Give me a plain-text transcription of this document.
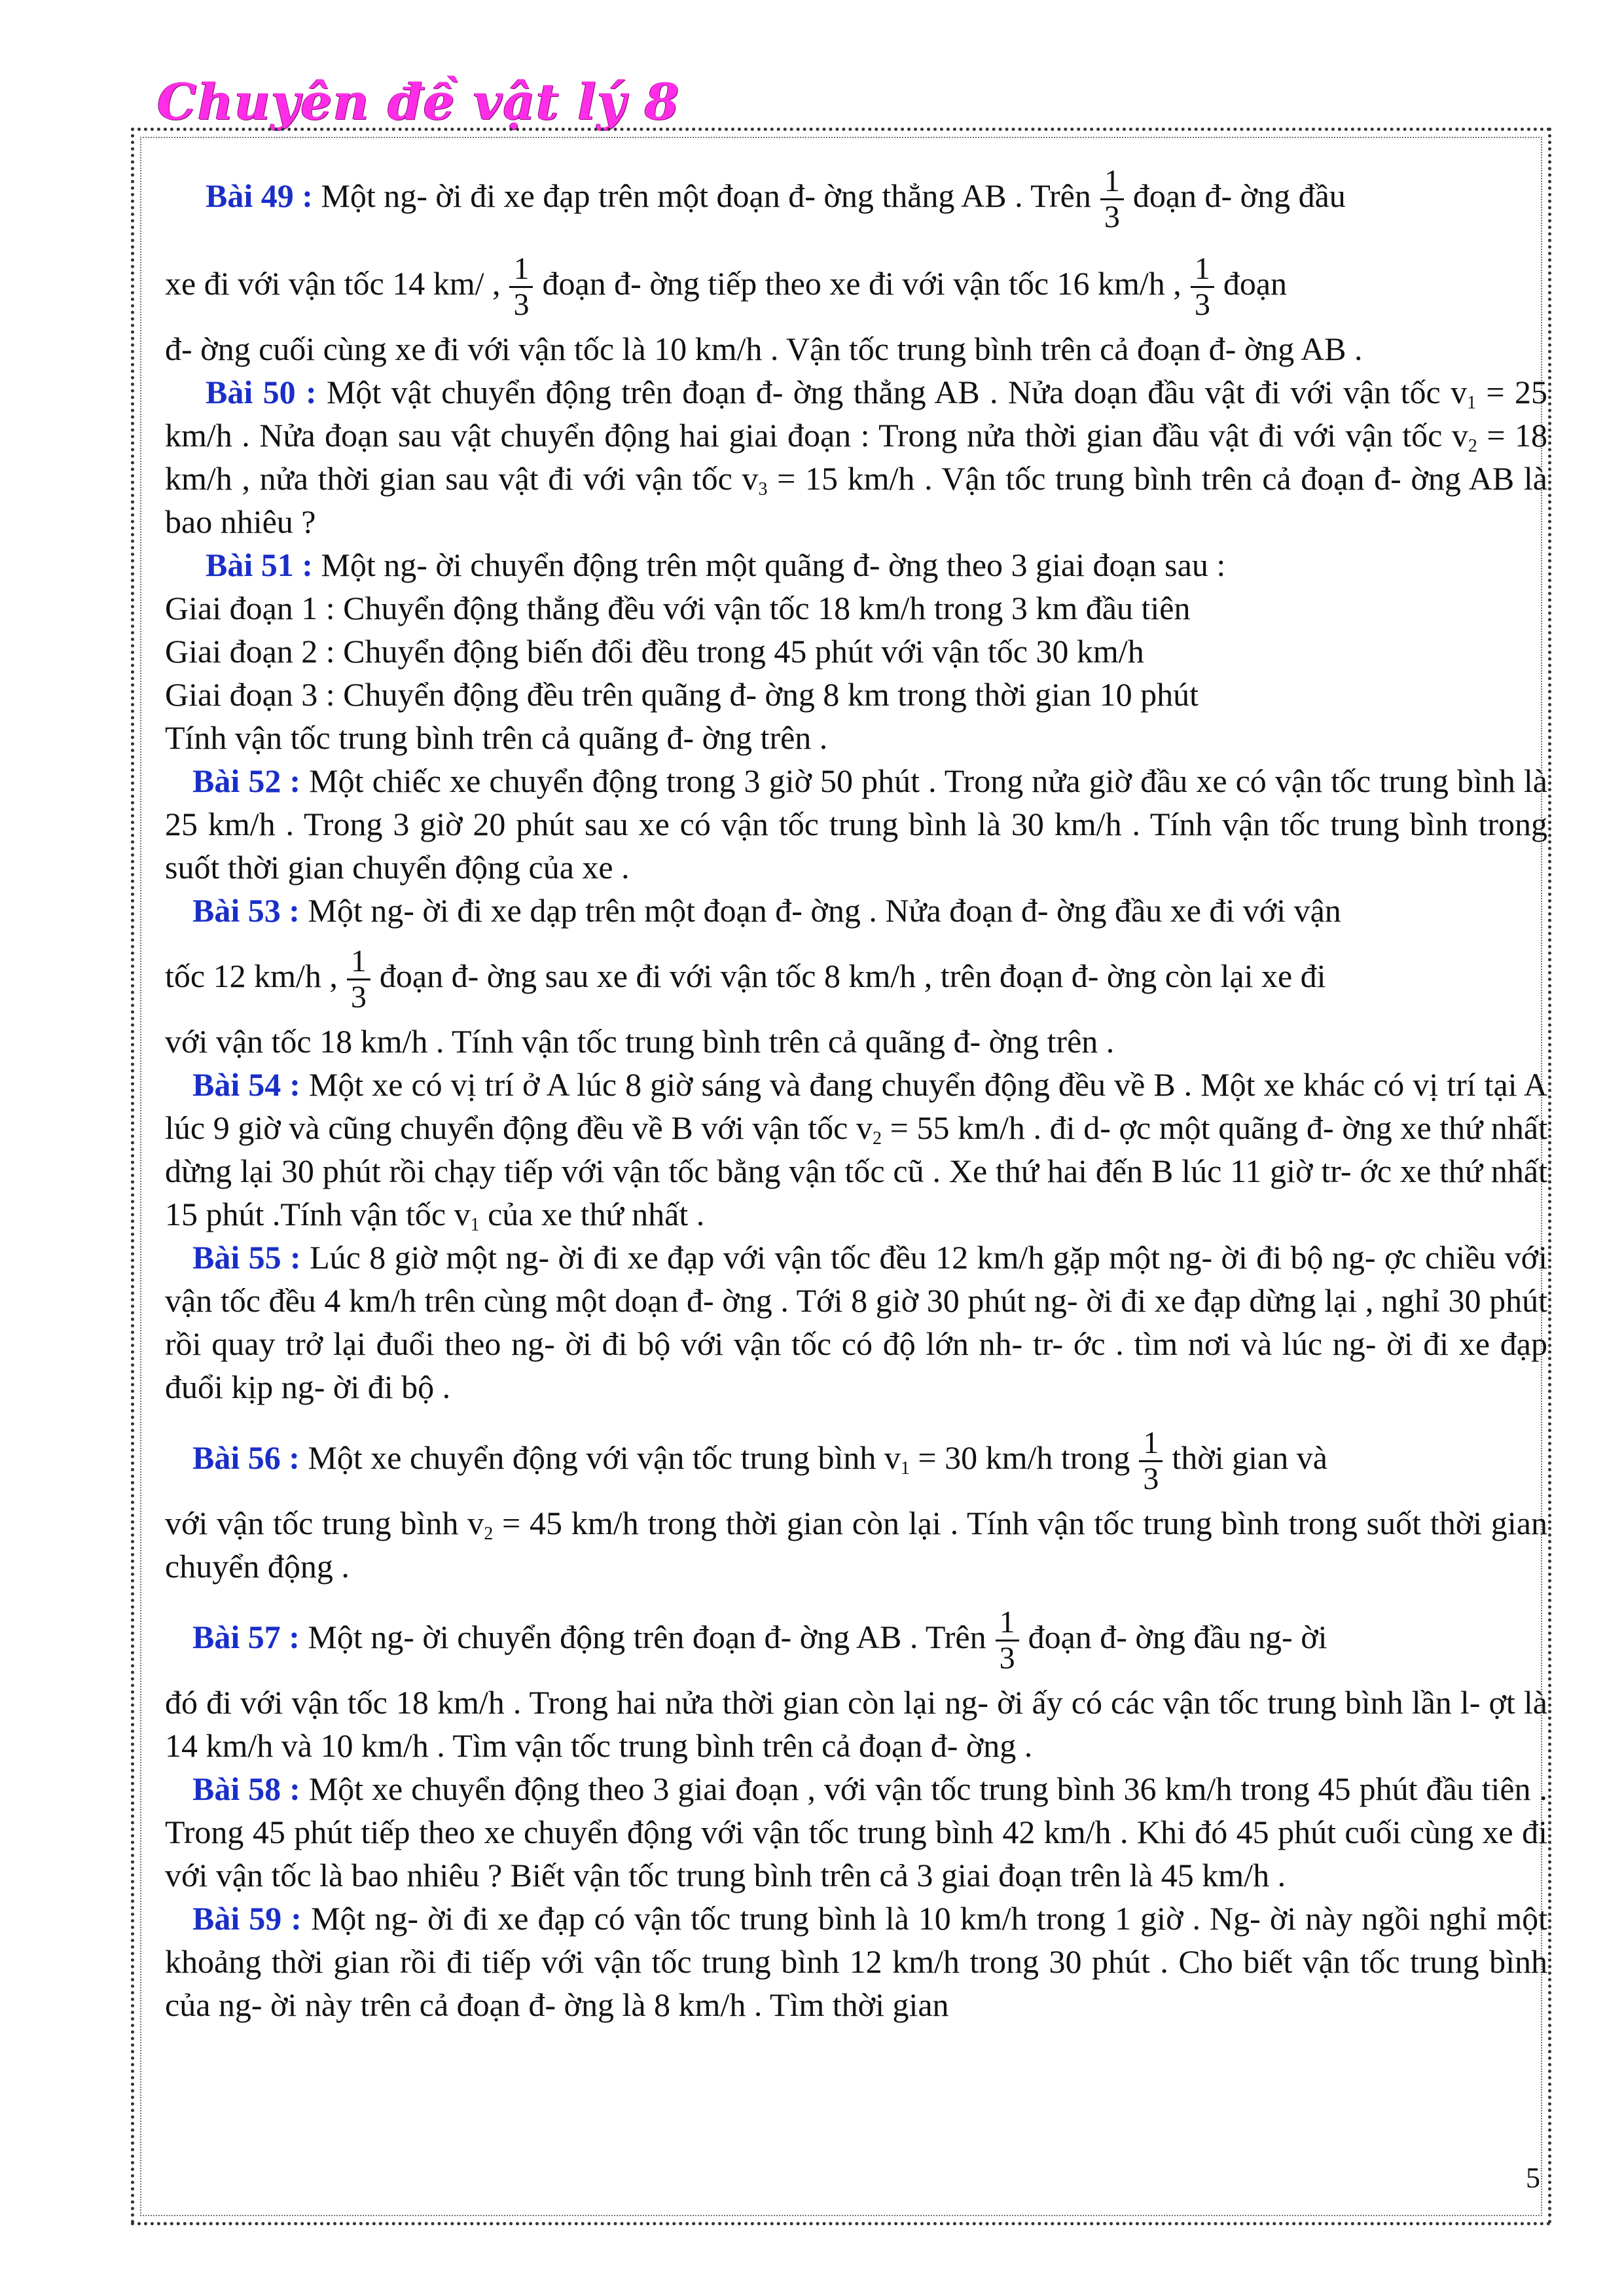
Chuyên đề vật lý 8

Bài 49 : Một ng- ời đi xe đạp trên một đoạn đ- ờng thẳng AB . Trên $\frac{1}{3}$ đoạn đ- ờng đầu

xe đi với vận tốc 14 km/ , $\frac{1}{3}$ đoạn đ- ờng tiếp theo xe đi với vận tốc 16 km/h , $\frac{1}{3}$ đoạn

đ- ờng cuối cùng xe đi với vận tốc là 10 km/h . Vận tốc trung bình trên cả đoạn đ- ờng AB .

Bài 50 : Một vật chuyển động trên đoạn đ- ờng thẳng AB . Nửa doạn đầu vật đi với vận tốc $v_1 = 25$ km/h . Nửa đoạn sau vật chuyển động hai giai đoạn : Trong nửa thời gian đầu vật đi với vận tốc $v_2 = 18$ km/h , nửa thời gian sau vật đi với vận tốc $v_3 = 15$ km/h . Vận tốc trung bình trên cả đoạn đ- ờng AB là bao nhiêu ?

Bài 51 : Một ng- ời chuyển động trên một quãng đ- ờng theo 3 giai đoạn sau :

Giai đoạn 1 : Chuyển động thẳng đều với vận tốc 18 km/h trong 3 km đầu tiên

Giai đoạn 2 : Chuyển động biến đổi đều trong 45 phút với vận tốc 30 km/h

Giai đoạn 3 : Chuyển động đều trên quãng đ- ờng 8 km trong thời gian 10 phút

Tính vận tốc trung bình trên cả quãng đ- ờng trên .

Bài 52 : Một chiếc xe chuyển động trong 3 giờ 50 phút . Trong nửa giờ đầu xe có vận tốc trung bình là 25 km/h . Trong 3 giờ 20 phút sau xe có vận tốc trung bình là 30 km/h . Tính vận tốc trung bình trong suốt thời gian chuyển động của xe .

Bài 53 : Một ng- ời đi xe dạp trên một đoạn đ- ờng . Nửa đoạn đ- ờng đầu xe đi với vận

tốc 12 km/h , $\frac{1}{3}$ đoạn đ- ờng sau xe đi với vận tốc 8 km/h , trên đoạn đ- ờng còn lại xe đi

với vận tốc 18 km/h . Tính vận tốc trung bình trên cả quãng đ- ờng trên .

Bài 54 : Một xe có vị trí ở A lúc 8 giờ sáng và đang chuyển động đều về B . Một xe khác có vị trí tại A lúc 9 giờ và cũng chuyển động đều về B với vận tốc $v_2 = 55$ km/h . đi d- ợc một quãng đ- ờng xe thứ nhất dừng lại 30 phút rồi chạy tiếp với vận tốc bằng vận tốc cũ . Xe thứ hai đến B lúc 11 giờ tr- ớc xe thứ nhất 15 phút .Tính vận tốc $v_1$ của xe thứ nhất .

Bài 55 : Lúc 8 giờ một ng- ời đi xe đạp với vận tốc đều 12 km/h gặp một ng- ời đi bộ ng- ợc chiều với vận tốc đều 4 km/h trên cùng một doạn đ- ờng . Tới 8 giờ 30 phút ng- ời đi xe đạp dừng lại , nghỉ 30 phút rồi quay trở lại đuổi theo ng- ời đi bộ với vận tốc có độ lớn nh- tr- ớc . tìm nơi và lúc ng- ời đi xe đạp đuổi kịp ng- ời đi bộ .

Bài 56 : Một xe chuyển động với vận tốc trung bình $v_1 = 30$ km/h trong $\frac{1}{3}$ thời gian và

với vận tốc trung bình $v_2 = 45$ km/h trong thời gian còn lại . Tính vận tốc trung bình trong suốt thời gian chuyển động .

Bài 57 : Một ng- ời chuyển động trên đoạn đ- ờng AB . Trên $\frac{1}{3}$ đoạn đ- ờng đầu ng- ời

đó đi với vận tốc 18 km/h . Trong hai nửa thời gian còn lại ng- ời ấy có các vận tốc trung bình lần l- ợt là 14 km/h và 10 km/h . Tìm vận tốc trung bình trên cả đoạn đ- ờng .

Bài 58 : Một xe chuyển động theo 3 giai đoạn , với vận tốc trung bình 36 km/h trong 45 phút đầu tiên . Trong 45 phút tiếp theo xe chuyển động với vận tốc trung bình 42 km/h . Khi đó 45 phút cuối cùng xe đi với vận tốc là bao nhiêu ? Biết vận tốc trung bình trên cả 3 giai đoạn trên là 45 km/h .

Bài 59 : Một ng- ời đi xe đạp có vận tốc trung bình là 10 km/h trong 1 giờ . Ng- ời này ngồi nghỉ một khoảng thời gian rồi đi tiếp với vận tốc trung bình 12 km/h trong 30 phút . Cho biết vận tốc trung bình của ng- ời này trên cả đoạn đ- ờng là 8 km/h . Tìm thời gian

5
